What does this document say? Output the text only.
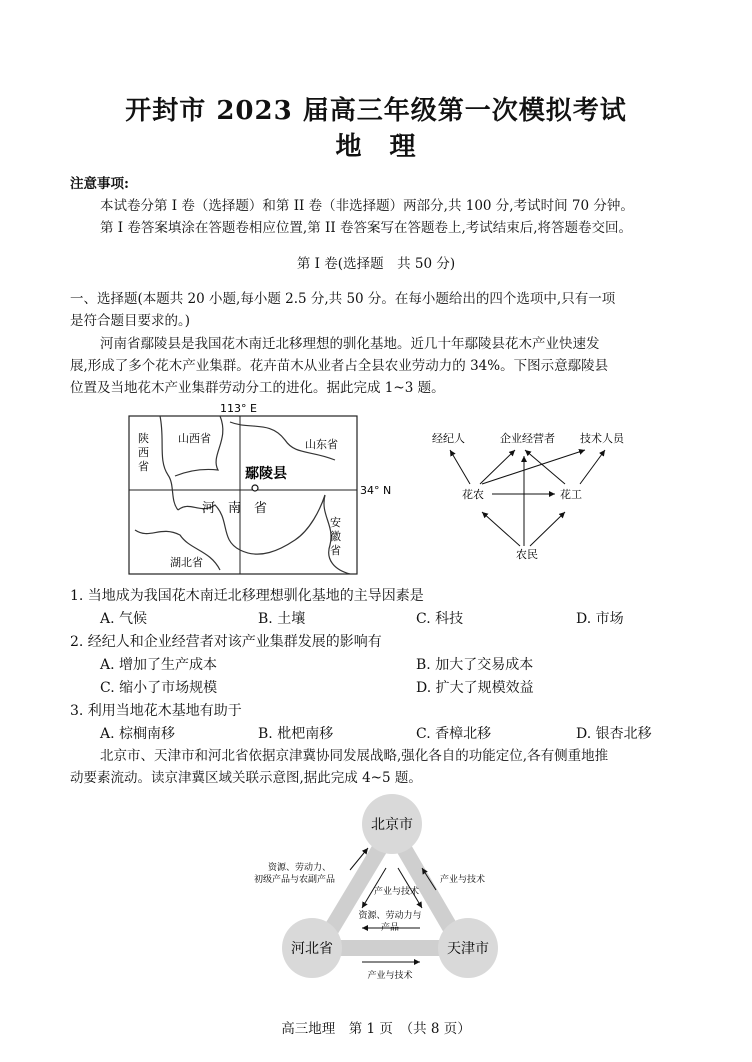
开封市 2023 届高三年级第一次模拟考试
地　理
注意事项:
本试卷分第 I 卷（选择题）和第 II 卷（非选择题）两部分,共 100 分,考试时间 70 分钟。
第 I 卷答案填涂在答题卷相应位置,第 II 卷答案写在答题卷上,考试结束后,将答题卷交回。
第 I 卷(选择题　共 50 分)
一、选择题(本题共 20 小题,每小题 2.5 分,共 50 分。在每小题给出的四个选项中,只有一项
是符合题目要求的。)
河南省鄢陵县是我国花木南迁北移理想的驯化基地。近几十年鄢陵县花木产业快速发
展,形成了多个花木产业集群。花卉苗木从业者占全县农业劳动力的 34%。下图示意鄢陵县
位置及当地花木产业集群劳动分工的进化。据此完成 1~3 题。
113° E
34° N
陕
西
省
山西省	山东省
河　南　省
安
徽
省
湖北省
鄢陵县
经纪人	企业经营者 技术人员
花农	花工
农民
1. 当地成为我国花木南迁北移理想驯化基地的主导因素是
A. 气候	B. 土壤	C. 科技	D. 市场
2. 经纪人和企业经营者对该产业集群发展的影响有
A. 增加了生产成本	B. 加大了交易成本
C. 缩小了市场规模	D. 扩大了规模效益
3. 利用当地花木基地有助于
A. 棕榈南移	B. 枇杷南移	C. 香樟北移	D. 银杏北移
北京市、天津市和河北省依据京津冀协同发展战略,强化各自的功能定位,各有侧重地推
动要素流动。读京津冀区域关联示意图,据此完成 4~5 题。
北京市
河北省	天津市
资源、劳动力、
初级产品与农副产品	产业与技术
产业与技术
资源、劳动力与
产品
产业与技术
高三地理　第 1 页　（共 8 页）
